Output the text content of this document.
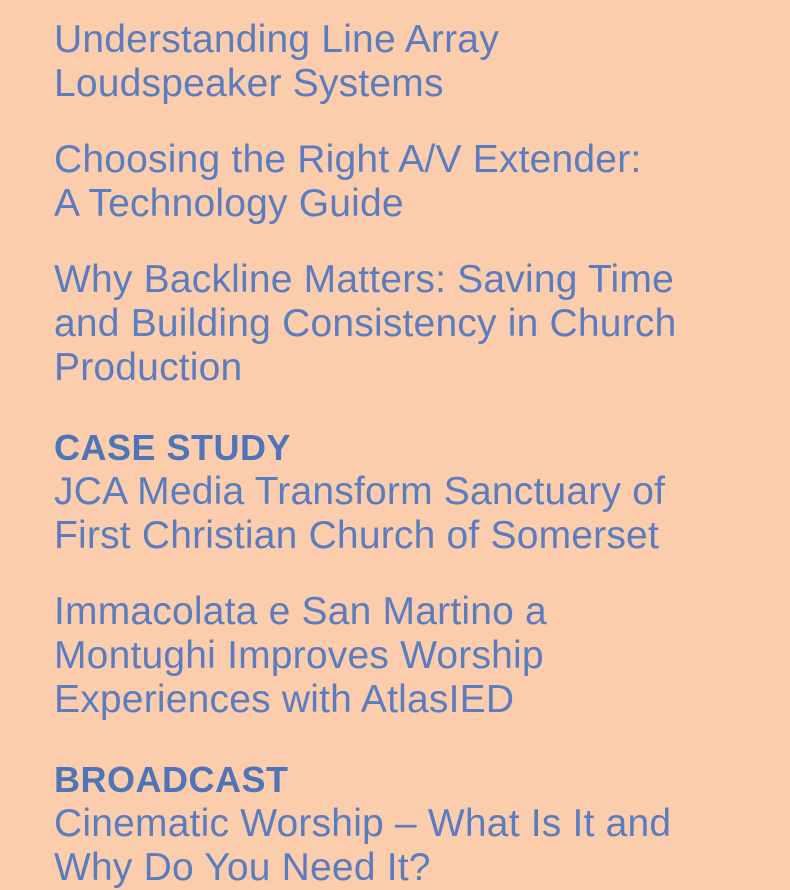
Understanding Line Array
Loudspeaker Systems
Choosing the Right A/V Extender:
A Technology Guide
Why Backline Matters: Saving Time
and Building Consistency in Church
Production
CASE STUDY
JCA Media Transform Sanctuary of
First Christian Church of Somerset
Immacolata e San Martino a
Montughi Improves Worship
Experiences with AtlasIED
BROADCAST
Cinematic Worship – What Is It and
Why Do You Need It?
